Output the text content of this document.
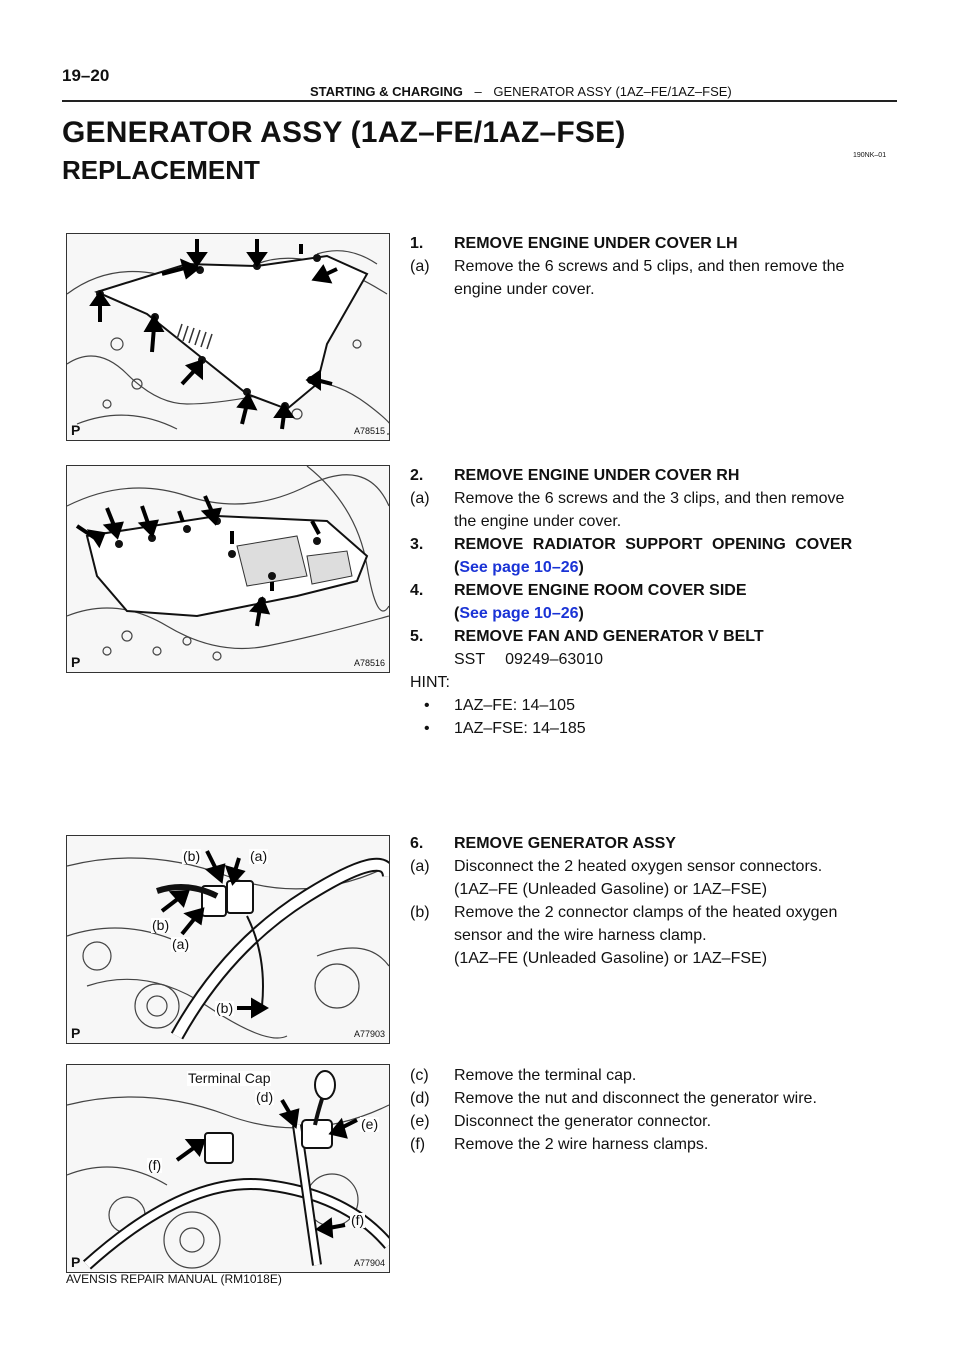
19–20
STARTING & CHARGING – GENERATOR ASSY (1AZ–FE/1AZ–FSE)
GENERATOR ASSY (1AZ–FE/1AZ–FSE)
REPLACEMENT	190NK–01
P	A78515
P	A78516
(b)	(a)
(b)
(a)
(b)
P	A77903
Terminal Cap
(d)
(e)
(f)
(f)
P	A77904
1. REMOVE ENGINE UNDER COVER LH
(a) Remove the 6 screws and 5 clips, and then remove the
engine under cover.
2. REMOVE ENGINE UNDER COVER RH
(a) Remove the 6 screws and the 3 clips, and then remove
the engine under cover.
3. REMOVE RADIATOR SUPPORT OPENING COVER
(See page 10–26)
4. REMOVE ENGINE ROOM COVER SIDE
(See page 10–26)
5. REMOVE FAN AND GENERATOR V BELT
SST 09249–63010
HINT:
• 1AZ–FE: 14–105
• 1AZ–FSE: 14–185
6. REMOVE GENERATOR ASSY
(a) Disconnect the 2 heated oxygen sensor connectors.
(1AZ–FE (Unleaded Gasoline) or 1AZ–FSE)
(b) Remove the 2 connector clamps of the heated oxygen
sensor and the wire harness clamp.
(1AZ–FE (Unleaded Gasoline) or 1AZ–FSE)
(c) Remove the terminal cap.
(d) Remove the nut and disconnect the generator wire.
(e) Disconnect the generator connector.
(f) Remove the 2 wire harness clamps.
AVENSIS REPAIR MANUAL (RM1018E)
